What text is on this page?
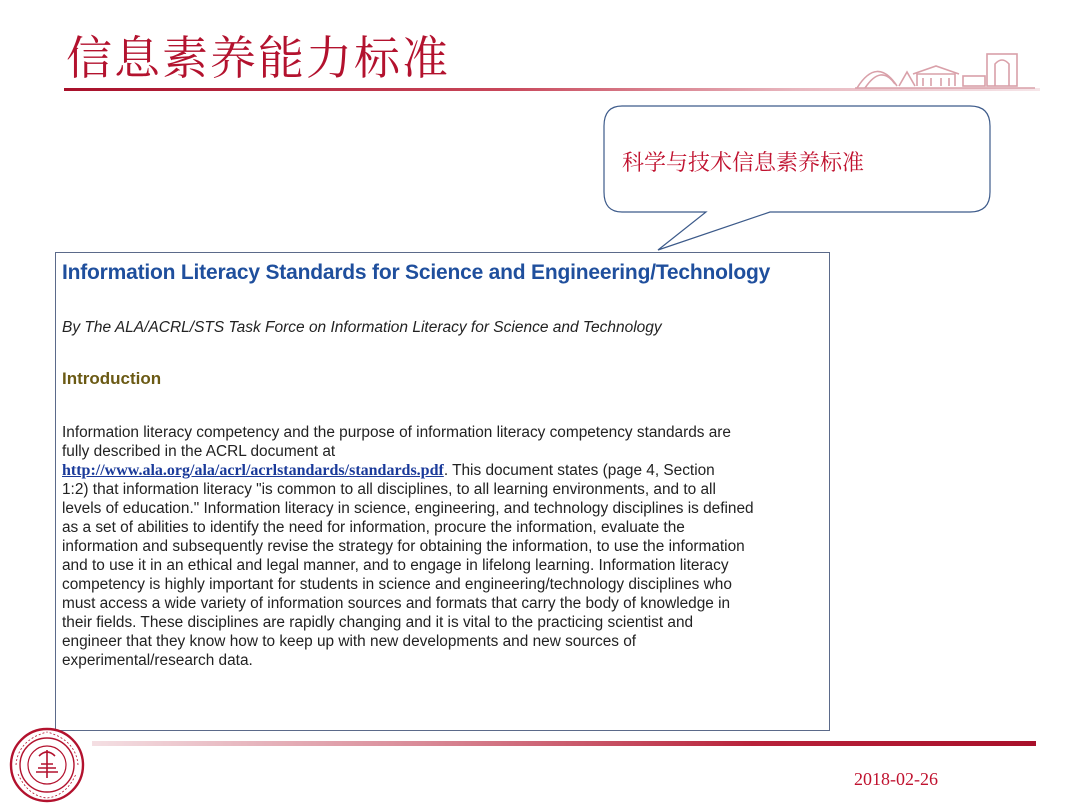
信息素养能力标准
科学与技术信息素养标准
Information Literacy Standards for Science and Engineering/Technology
By The ALA/ACRL/STS Task Force on Information Literacy for Science and Technology
Introduction
Information literacy competency and the purpose of information literacy competency standards are
fully described in the ACRL document at
http://www.ala.org/ala/acrl/acrlstandards/standards.pdf. This document states (page 4, Section
1:2) that information literacy "is common to all disciplines, to all learning environments, and to all
levels of education." Information literacy in science, engineering, and technology disciplines is defined
as a set of abilities to identify the need for information, procure the information, evaluate the
information and subsequently revise the strategy for obtaining the information, to use the information
and to use it in an ethical and legal manner, and to engage in lifelong learning. Information literacy
competency is highly important for students in science and engineering/technology disciplines who
must access a wide variety of information sources and formats that carry the body of knowledge in
their fields. These disciplines are rapidly changing and it is vital to the practicing scientist and
engineer that they know how to keep up with new developments and new sources of
experimental/research data.
2018-02-26
